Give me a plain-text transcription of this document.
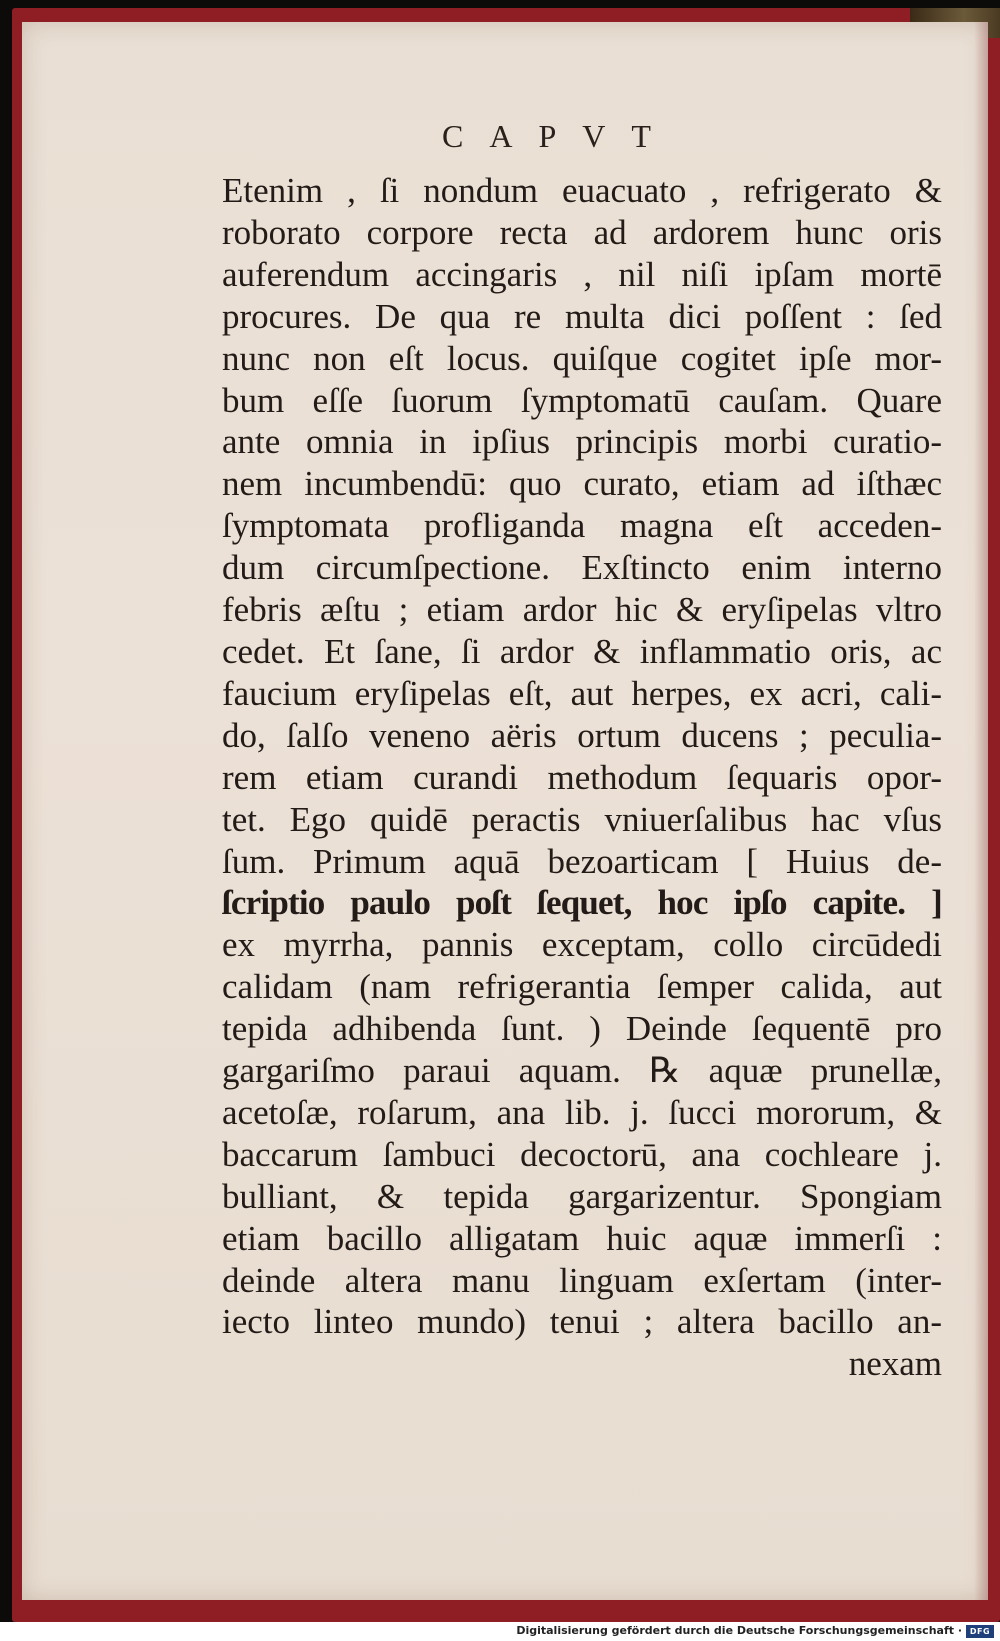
CAPVT
Etenim , ſi nondum euacuato , refrigerato &
roborato corpore recta ad ardorem hunc oris
auferendum accingaris , nil niſi ipſam mortē
procures. De qua re multa dici poſſent : ſed
nunc non eſt locus. quiſque cogitet ipſe mor-
bum eſſe ſuorum ſymptomatū cauſam. Quare
ante omnia in ipſius principis morbi curatio-
nem incumbendū: quo curato, etiam ad iſthæc
ſymptomata profliganda magna eſt acceden-
dum circumſpectione. Exſtincto enim interno
febris æſtu ; etiam ardor hic & eryſipelas vltro
cedet. Et ſane, ſi ardor & inflammatio oris, ac
faucium eryſipelas eſt, aut herpes, ex acri, cali-
do, ſalſo veneno aëris ortum ducens ; peculia-
rem etiam curandi methodum ſequaris opor-
tet. Ego quidē peractis vniuerſalibus hac vſus
ſum. Primum aquā bezoarticam [ Huius de-
ſcriptio paulo poſt ſequet, hoc ipſo capite. ]
ex myrrha, pannis exceptam, collo circūdedi
calidam (nam refrigerantia ſemper calida, aut
tepida adhibenda ſunt. ) Deinde ſequentē pro
gargariſmo paraui aquam. ℞ aquæ prunellæ,
acetoſæ, roſarum, ana lib. j. ſucci mororum, &
baccarum ſambuci decoctorū, ana cochleare j.
bulliant, & tepida gargarizentur. Spongiam
etiam bacillo alligatam huic aquæ immerſi :
deinde altera manu linguam exſertam (inter-
iecto linteo mundo) tenui ; altera bacillo an-
nexam
Digitalisierung gefördert durch die Deutsche Forschungsgemeinschaft · DFG
